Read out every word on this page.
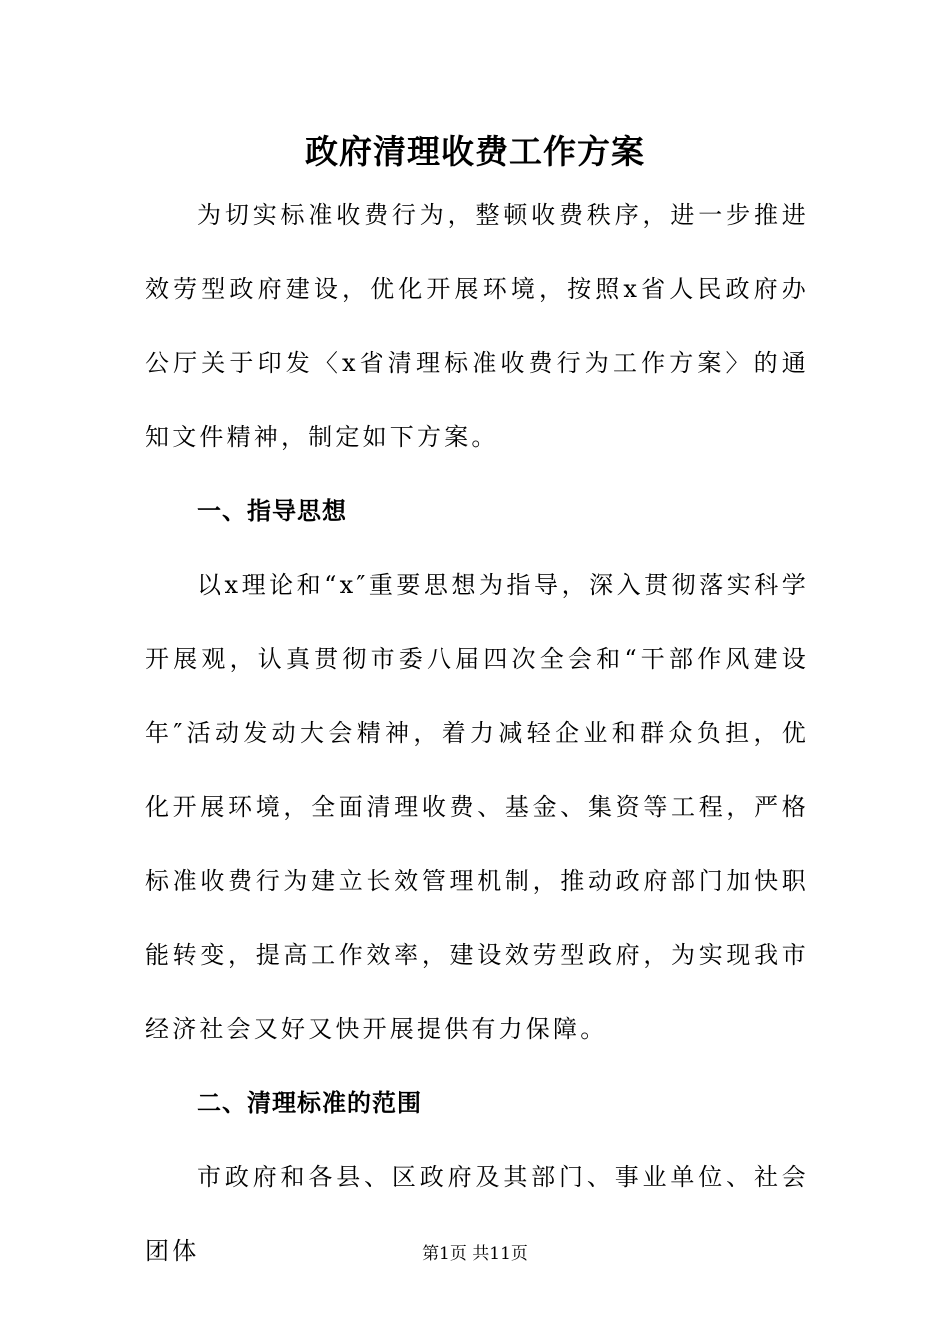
政府清理收费工作方案

为切实标准收费行为，整顿收费秩序，进一步推进效劳型政府建设，优化开展环境，按照x省人民政府办公厅关于印发〈x省清理标准收费行为工作方案〉的通知文件精神，制定如下方案。

一、指导思想

以x理论和“x″重要思想为指导，深入贯彻落实科学开展观，认真贯彻市委八届四次全会和“干部作风建设年″活动发动大会精神，着力减轻企业和群众负担，优化开展环境，全面清理收费、基金、集资等工程，严格标准收费行为建立长效管理机制，推动政府部门加快职能转变，提高工作效率，建设效劳型政府，为实现我市经济社会又好又快开展提供有力保障。

二、清理标准的范围

市政府和各县、区政府及其部门、事业单位、社会团体	第1页 共11页
